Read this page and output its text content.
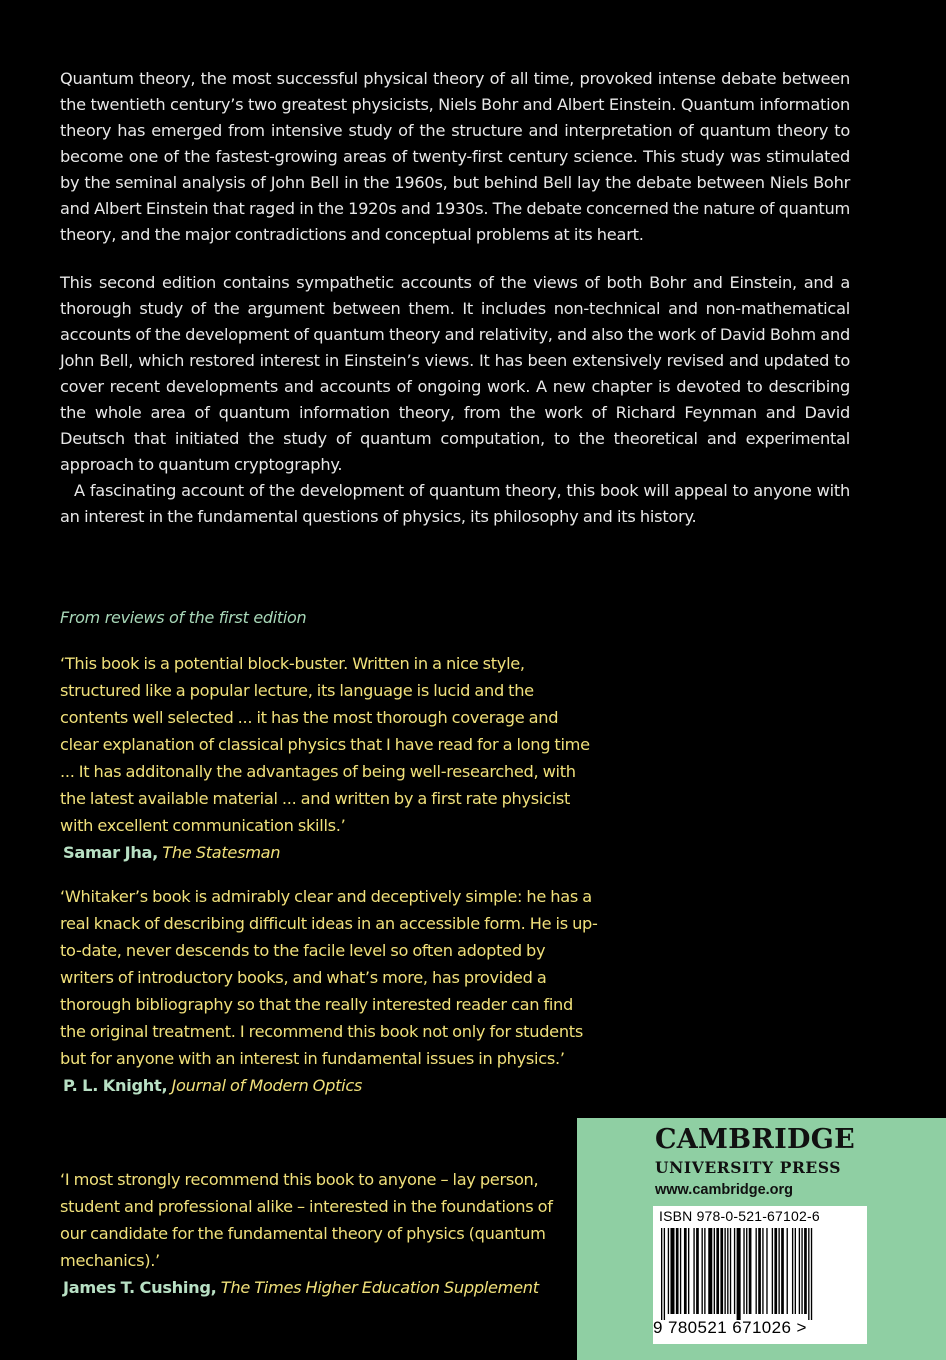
Quantum theory, the most successful physical theory of all time, provoked intense debate between the twentieth century’s two greatest physicists, Niels Bohr and Albert Einstein. Quantum information theory has emerged from intensive study of the structure and interpretation of quantum theory to become one of the fastest-growing areas of twenty-first century science. This study was stimulated by the seminal analysis of John Bell in the 1960s, but behind Bell lay the debate between Niels Bohr and Albert Einstein that raged in the 1920s and 1930s. The debate concerned the nature of quantum theory, and the major contradictions and conceptual problems at its heart.

This second edition contains sympathetic accounts of the views of both Bohr and Einstein, and a thorough study of the argument between them. It includes non-technical and non-mathematical accounts of the development of quantum theory and relativity, and also the work of David Bohm and John Bell, which restored interest in Einstein’s views. It has been extensively revised and updated to cover recent developments and accounts of ongoing work. A new chapter is devoted to describing the whole area of quantum information theory, from the work of Richard Feynman and David Deutsch that initiated the study of quantum computation, to the theoretical and experimental approach to quantum cryptography.

A fascinating account of the development of quantum theory, this book will appeal to anyone with an interest in the fundamental questions of physics, its philosophy and its history.

From reviews of the first edition

‘This book is a potential block-buster. Written in a nice style, structured like a popular lecture, its language is lucid and the contents well selected ... it has the most thorough coverage and clear explanation of classical physics that I have read for a long time ... It has additonally the advantages of being well-researched, with the latest available material ... and written by a first rate physicist with excellent communication skills.’

Samar Jha, The Statesman

‘Whitaker’s book is admirably clear and deceptively simple: he has a real knack of describing difficult ideas in an accessible form. He is up-to-date, never descends to the facile level so often adopted by writers of introductory books, and what’s more, has provided a thorough bibliography so that the really interested reader can find the original treatment. I recommend this book not only for students but for anyone with an interest in fundamental issues in physics.’

P. L. Knight, Journal of Modern Optics

‘I most strongly recommend this book to anyone – lay person, student and professional alike – interested in the foundations of our candidate for the fundamental theory of physics (quantum mechanics).’

James T. Cushing, The Times Higher Education Supplement
CAMBRIDGE
UNIVERSITY PRESS
www.cambridge.org
ISBN 978-0-521-67102-6
9 780521 671026 >
